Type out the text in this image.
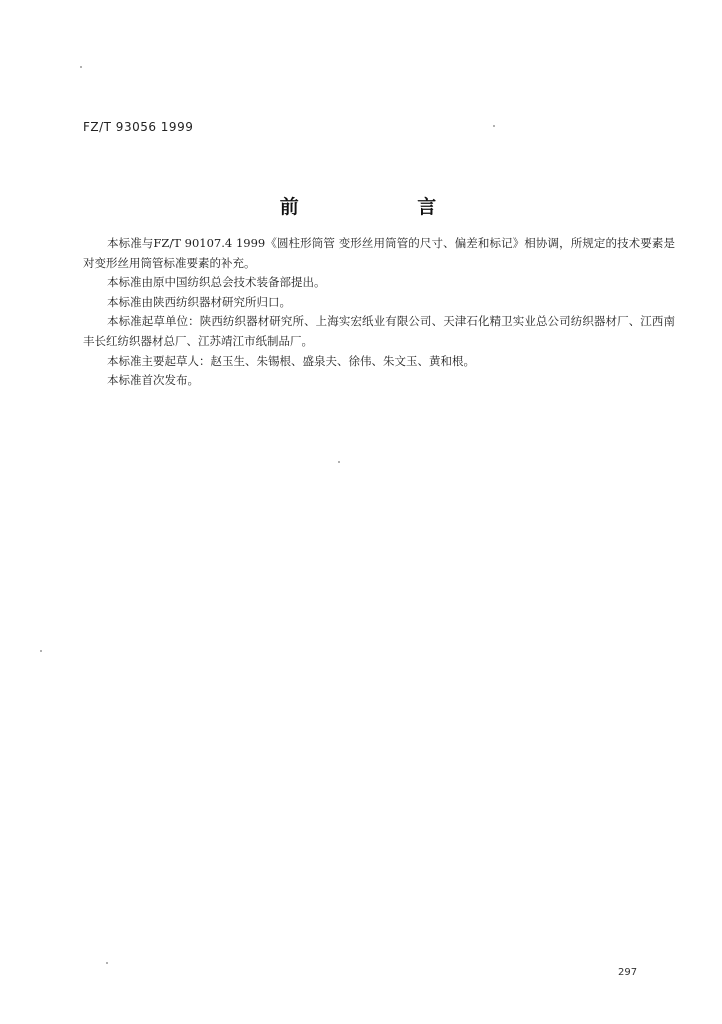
FZ/T 93056 1999
前 言

本标准与FZ/T 90107.4 1999《圆柱形筒管 变形丝用筒管的尺寸、偏差和标记》相协调，所规定的技术要素是对变形丝用筒管标准要素的补充。

本标准由原中国纺织总会技术装备部提出。

本标准由陕西纺织器材研究所归口。

本标准起草单位：陕西纺织器材研究所、上海实宏纸业有限公司、天津石化精卫实业总公司纺织器材厂、江西南丰长红纺织器材总厂、江苏靖江市纸制品厂。

本标准主要起草人：赵玉生、朱锡根、盛泉夫、徐伟、朱文玉、黄和根。

本标准首次发布。

297
